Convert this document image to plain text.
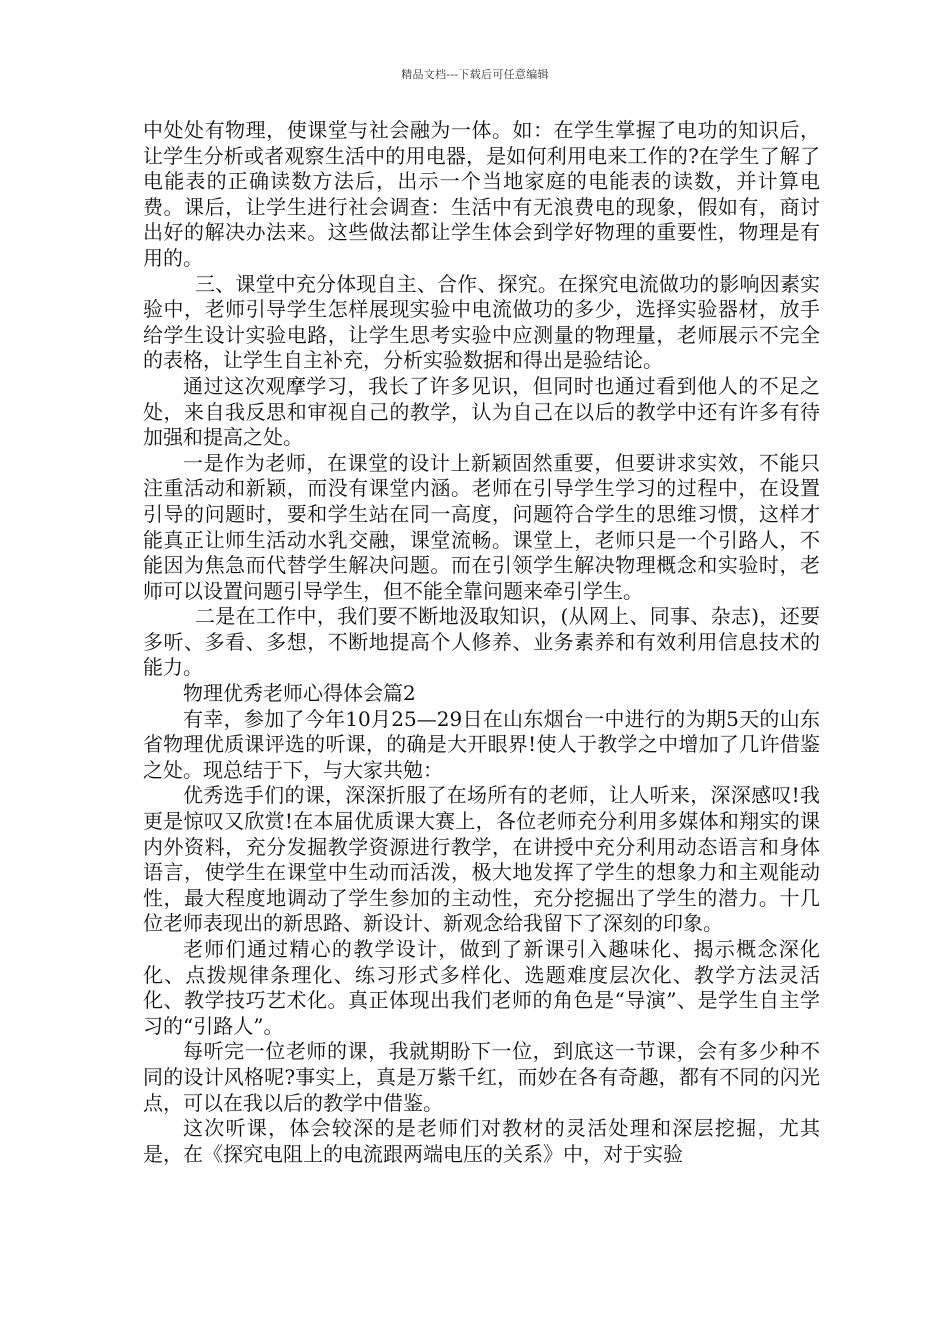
精品文档---下载后可任意编辑

中处处有物理，使课堂与社会融为一体。如：在学生掌握了电功的知识后，让学生分析或者观察生活中的用电器，是如何利用电来工作的?在学生了解了电能表的正确读数方法后，出示一个当地家庭的电能表的读数，并计算电费。课后，让学生进行社会调查：生活中有无浪费电的现象，假如有，商讨出好的解决办法来。这些做法都让学生体会到学好物理的重要性，物理是有用的。

三、课堂中充分体现自主、合作、探究。在探究电流做功的影响因素实验中，老师引导学生怎样展现实验中电流做功的多少，选择实验器材，放手给学生设计实验电路，让学生思考实验中应测量的物理量，老师展示不完全的表格，让学生自主补充，分析实验数据和得出是验结论。

通过这次观摩学习，我长了许多见识，但同时也通过看到他人的不足之处，来自我反思和审视自己的教学，认为自己在以后的教学中还有许多有待加强和提高之处。

一是作为老师，在课堂的设计上新颖固然重要，但要讲求实效，不能只注重活动和新颖，而没有课堂内涵。老师在引导学生学习的过程中，在设置引导的问题时，要和学生站在同一高度，问题符合学生的思维习惯，这样才能真正让师生活动水乳交融，课堂流畅。课堂上，老师只是一个引路人，不能因为焦急而代替学生解决问题。而在引领学生解决物理概念和实验时，老师可以设置问题引导学生，但不能全靠问题来牵引学生。

二是在工作中，我们要不断地汲取知识，(从网上、同事、杂志)，还要多听、多看、多想，不断地提高个人修养、业务素养和有效利用信息技术的能力。

物理优秀老师心得体会篇2

有幸，参加了今年10月25—29日在山东烟台一中进行的为期5天的山东省物理优质课评选的听课，的确是大开眼界!使人于教学之中增加了几许借鉴之处。现总结于下，与大家共勉：

优秀选手们的课，深深折服了在场所有的老师，让人听来，深深感叹!我更是惊叹又欣赏!在本届优质课大赛上，各位老师充分利用多媒体和翔实的课内外资料，充分发掘教学资源进行教学，在讲授中充分利用动态语言和身体语言，使学生在课堂中生动而活泼，极大地发挥了学生的想象力和主观能动性，最大程度地调动了学生参加的主动性，充分挖掘出了学生的潜力。十几位老师表现出的新思路、新设计、新观念给我留下了深刻的印象。

老师们通过精心的教学设计，做到了新课引入趣味化、揭示概念深化化、点拨规律条理化、练习形式多样化、选题难度层次化、教学方法灵活化、教学技巧艺术化。真正体现出我们老师的角色是“导演”、是学生自主学习的“引路人”。

每听完一位老师的课，我就期盼下一位，到底这一节课，会有多少种不同的设计风格呢?事实上，真是万紫千红，而妙在各有奇趣，都有不同的闪光点，可以在我以后的教学中借鉴。

这次听课，体会较深的是老师们对教材的灵活处理和深层挖掘，尤其是，在《探究电阻上的电流跟两端电压的关系》中，对于实验
